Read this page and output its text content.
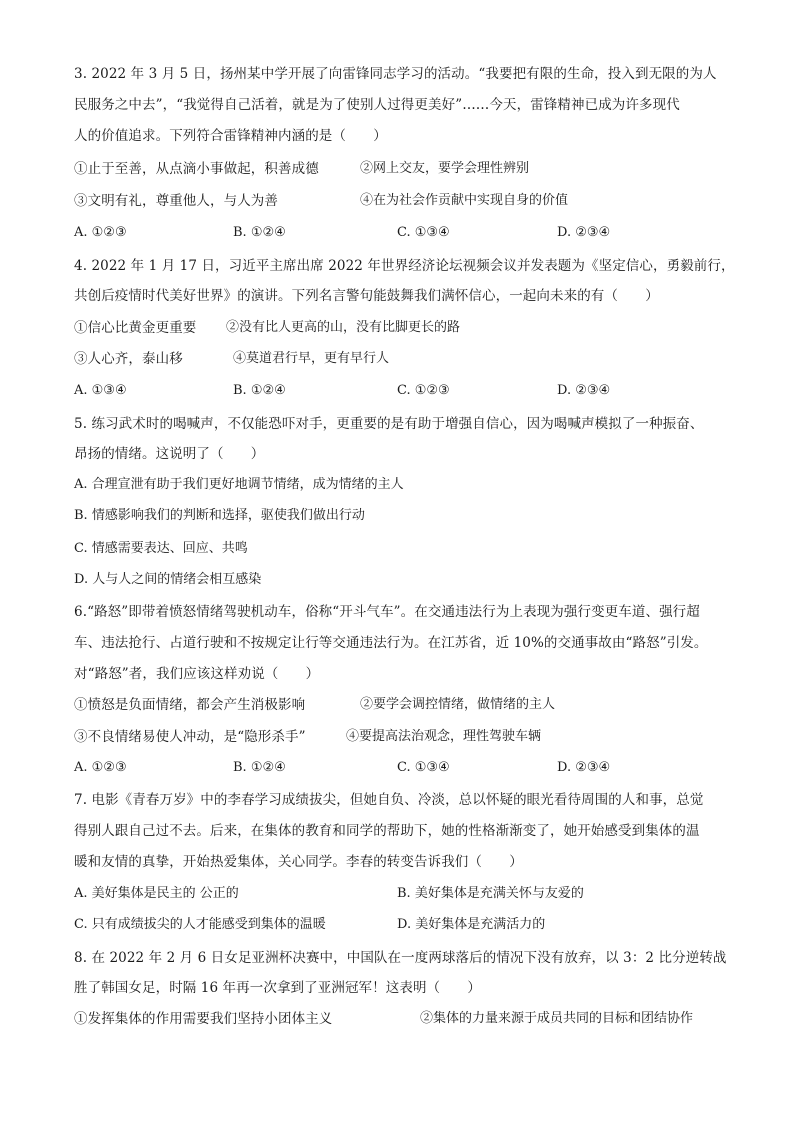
3. 2022 年 3 月 5 日，扬州某中学开展了向雷锋同志学习的活动。“我要把有限的生命，投入到无限的为人
民服务之中去”，“我觉得自己活着，就是为了使别人过得更美好”……今天，雷锋精神已成为许多现代
人的价值追求。下列符合雷锋精神内涵的是（　　）
①止于至善，从点滴小事做起，积善成德	②网上交友，要学会理性辨别
③文明有礼，尊重他人，与人为善	④在为社会作贡献中实现自身的价值
A. ①②③	B. ①②④	C. ①③④	D. ②③④
4. 2022 年 1 月 17 日，习近平主席出席 2022 年世界经济论坛视频会议并发表题为《坚定信心，勇毅前行，
共创后疫情时代美好世界》的演讲。下列名言警句能鼓舞我们满怀信心，一起向未来的有（　　）
①信心比黄金更重要 ②没有比人更高的山，没有比脚更长的路
③人心齐，泰山移	④莫道君行早，更有早行人
A. ①③④	B. ①②④	C. ①②③	D. ②③④
5. 练习武术时的喝喊声，不仅能恐吓对手，更重要的是有助于增强自信心，因为喝喊声模拟了一种振奋、
昂扬的情绪。这说明了（　　）
A. 合理宣泄有助于我们更好地调节情绪，成为情绪的主人
B. 情感影响我们的判断和选择，驱使我们做出行动
C. 情感需要表达、回应、共鸣
D. 人与人之间的情绪会相互感染
6.“路怒”即带着愤怒情绪驾驶机动车，俗称“开斗气车”。在交通违法行为上表现为强行变更车道、强行超
车、违法抢行、占道行驶和不按规定让行等交通违法行为。在江苏省，近 10%的交通事故由“路怒”引发。
对“路怒”者，我们应该这样劝说（　　）
①愤怒是负面情绪，都会产生消极影响	②要学会调控情绪，做情绪的主人
③不良情绪易使人冲动，是“隐形杀手”	④要提高法治观念，理性驾驶车辆
A. ①②③	B. ①②④	C. ①③④	D. ②③④
7. 电影《青春万岁》中的李春学习成绩拔尖，但她自负、冷淡，总以怀疑的眼光看待周围的人和事，总觉
得别人跟自己过不去。后来，在集体的教育和同学的帮助下，她的性格渐渐变了，她开始感受到集体的温
暖和友情的真挚，开始热爱集体，关心同学。李春的转变告诉我们（　　）
A. 美好集体是民主的 公正的	B. 美好集体是充满关怀与友爱的
C. 只有成绩拔尖的人才能感受到集体的温暖	D. 美好集体是充满活力的
8. 在 2022 年 2 月 6 日女足亚洲杯决赛中，中国队在一度两球落后的情况下没有放弃，以 3：2 比分逆转战
胜了韩国女足，时隔 16 年再一次拿到了亚洲冠军！这表明（　　）
①发挥集体的作用需要我们坚持小团体主义	②集体的力量来源于成员共同的目标和团结协作
